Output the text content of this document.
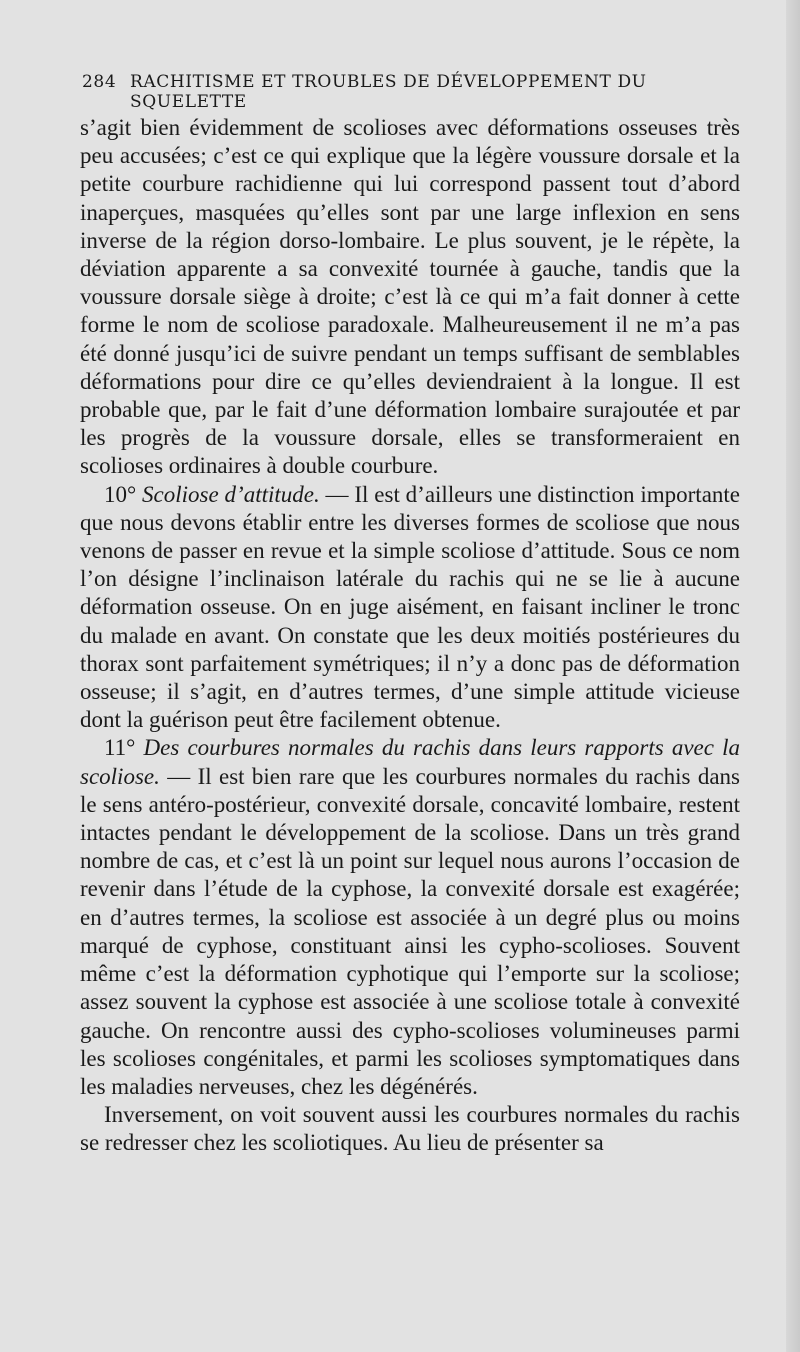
284 RACHITISME ET TROUBLES DE DÉVELOPPEMENT DU SQUELETTE

s’agit bien évidemment de scolioses avec déformations osseuses très peu accusées; c’est ce qui explique que la légère voussure dorsale et la petite courbure rachidienne qui lui correspond passent tout d’abord inaperçues, masquées qu’elles sont par une large inflexion en sens inverse de la région dorso-lombaire. Le plus souvent, je le répète, la déviation apparente a sa convexité tournée à gauche, tandis que la voussure dorsale siège à droite; c’est là ce qui m’a fait donner à cette forme le nom de scoliose paradoxale. Malheureusement il ne m’a pas été donné jusqu’ici de suivre pendant un temps suffisant de semblables déformations pour dire ce qu’elles deviendraient à la longue. Il est probable que, par le fait d’une déformation lombaire surajoutée et par les progrès de la voussure dorsale, elles se transformeraient en scolioses ordinaires à double courbure.

10° Scoliose d’attitude. — Il est d’ailleurs une distinction importante que nous devons établir entre les diverses formes de scoliose que nous venons de passer en revue et la simple scoliose d’attitude. Sous ce nom l’on désigne l’inclinaison latérale du rachis qui ne se lie à aucune déformation osseuse. On en juge aisément, en faisant incliner le tronc du malade en avant. On constate que les deux moitiés postérieures du thorax sont parfaitement symétriques; il n’y a donc pas de déformation osseuse; il s’agit, en d’autres termes, d’une simple attitude vicieuse dont la guérison peut être facilement obtenue.

11° Des courbures normales du rachis dans leurs rapports avec la scoliose. — Il est bien rare que les courbures normales du rachis dans le sens antéro-postérieur, convexité dorsale, concavité lombaire, restent intactes pendant le développement de la scoliose. Dans un très grand nombre de cas, et c’est là un point sur lequel nous aurons l’occasion de revenir dans l’étude de la cyphose, la convexité dorsale est exagérée; en d’autres termes, la scoliose est associée à un degré plus ou moins marqué de cyphose, constituant ainsi les cypho-scolioses. Souvent même c’est la déformation cyphotique qui l’emporte sur la scoliose; assez souvent la cyphose est associée à une scoliose totale à convexité gauche. On rencontre aussi des cypho-scolioses volumineuses parmi les scolioses congénitales, et parmi les scolioses symptomatiques dans les maladies nerveuses, chez les dégénérés.

Inversement, on voit souvent aussi les courbures normales du rachis se redresser chez les scoliotiques. Au lieu de présenter sa
